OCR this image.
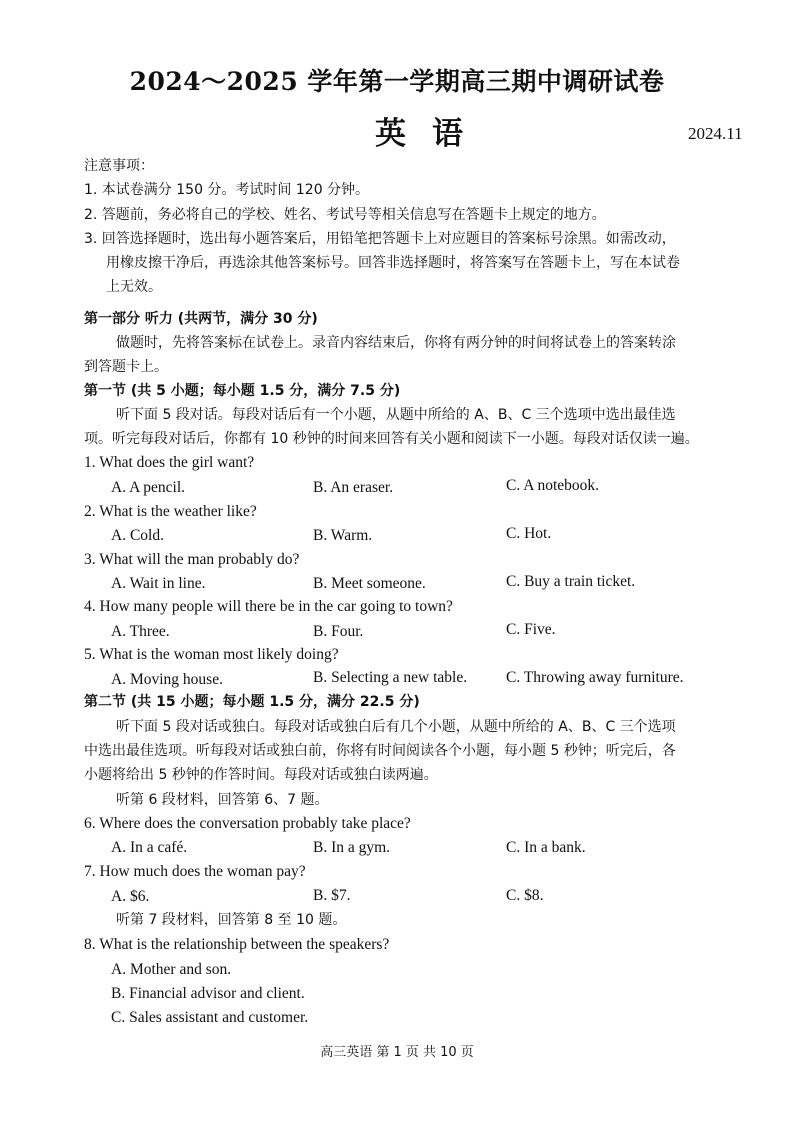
2024～2025 学年第一学期高三期中调研试卷
英语	2024.11
注意事项：
1. 本试卷满分 150 分。考试时间 120 分钟。
2. 答题前，务必将自己的学校、姓名、考试号等相关信息写在答题卡上规定的地方。
3. 回答选择题时，选出每小题答案后，用铅笔把答题卡上对应题目的答案标号涂黑。如需改动，
用橡皮擦干净后，再选涂其他答案标号。回答非选择题时，将答案写在答题卡上，写在本试卷
上无效。
第一部分 听力 (共两节，满分 30 分)
做题时，先将答案标在试卷上。录音内容结束后，你将有两分钟的时间将试卷上的答案转涂
到答题卡上。
第一节 (共 5 小题；每小题 1.5 分，满分 7.5 分)
听下面 5 段对话。每段对话后有一个小题，从题中所给的 A、B、C 三个选项中选出最佳选
项。听完每段对话后，你都有 10 秒钟的时间来回答有关小题和阅读下一小题。每段对话仅读一遍。
1. What does the girl want?
A. A pencil.	B. An eraser.	C. A notebook.
2. What is the weather like?
A. Cold.	B. Warm.	C. Hot.
3. What will the man probably do?
A. Wait in line.	B. Meet someone.	C. Buy a train ticket.
4. How many people will there be in the car going to town?
A. Three.	B. Four.	C. Five.
5. What is the woman most likely doing?
A. Moving house.	B. Selecting a new table.	C. Throwing away furniture.
第二节 (共 15 小题；每小题 1.5 分，满分 22.5 分)
听下面 5 段对话或独白。每段对话或独白后有几个小题，从题中所给的 A、B、C 三个选项
中选出最佳选项。听每段对话或独白前，你将有时间阅读各个小题，每小题 5 秒钟；听完后，各
小题将给出 5 秒钟的作答时间。每段对话或独白读两遍。
听第 6 段材料，回答第 6、7 题。
6. Where does the conversation probably take place?
A. In a café.	B. In a gym.	C. In a bank.
7. How much does the woman pay?
A. $6.	B. $7.	C. $8.
听第 7 段材料，回答第 8 至 10 题。
8. What is the relationship between the speakers?
A. Mother and son.
B. Financial advisor and client.
C. Sales assistant and customer.
高三英语 第 1 页 共 10 页
